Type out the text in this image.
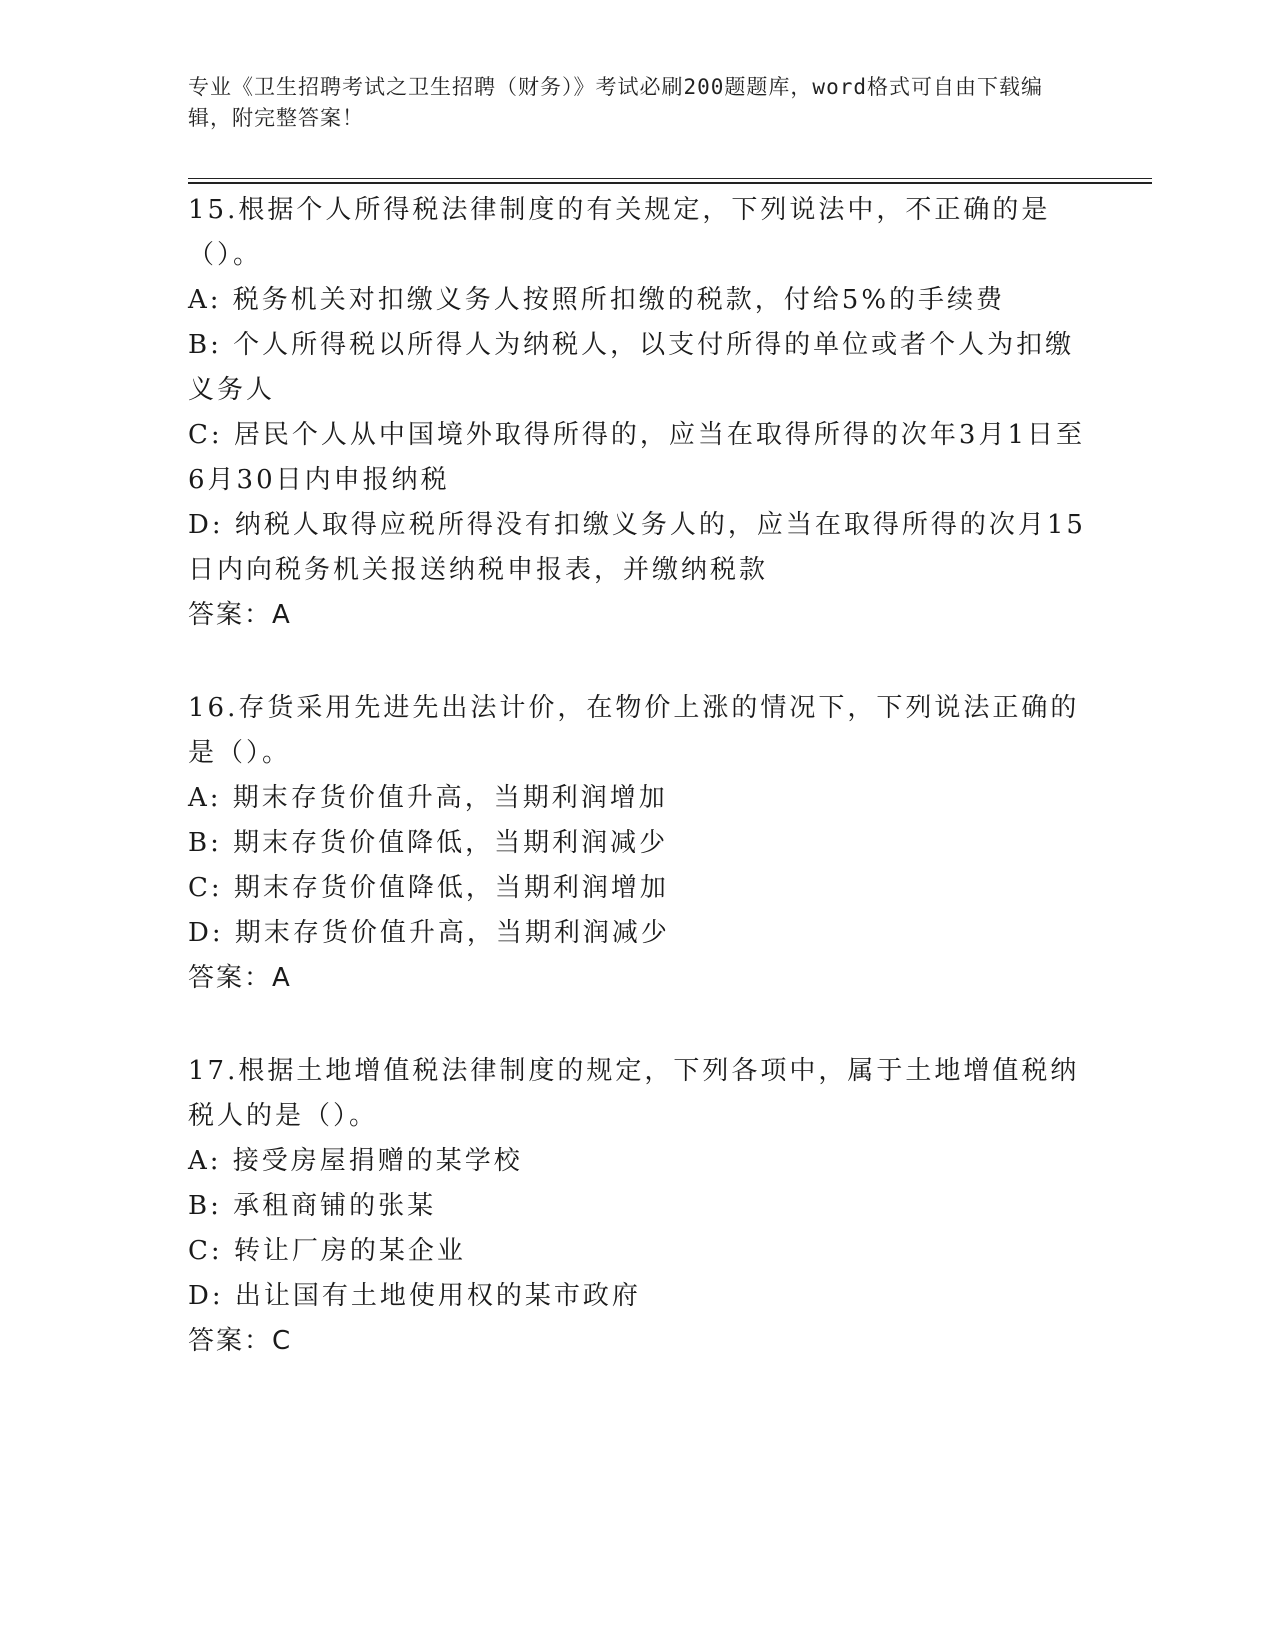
专业《卫生招聘考试之卫生招聘（财务）》考试必刷200题题库，word格式可自由下载编辑，附完整答案！

15.根据个人所得税法律制度的有关规定，下列说法中，不正确的是（）。

A: 税务机关对扣缴义务人按照所扣缴的税款，付给5%的手续费

B: 个人所得税以所得人为纳税人，以支付所得的单位或者个人为扣缴义务人

C: 居民个人从中国境外取得所得的，应当在取得所得的次年3月1日至6月30日内申报纳税

D: 纳税人取得应税所得没有扣缴义务人的，应当在取得所得的次月15日内向税务机关报送纳税申报表，并缴纳税款

答案：A

16.存货采用先进先出法计价，在物价上涨的情况下，下列说法正确的是（）。

A: 期末存货价值升高，当期利润增加

B: 期末存货价值降低，当期利润减少

C: 期末存货价值降低，当期利润增加

D: 期末存货价值升高，当期利润减少

答案：A

17.根据土地增值税法律制度的规定，下列各项中，属于土地增值税纳税人的是（）。

A: 接受房屋捐赠的某学校

B: 承租商铺的张某

C: 转让厂房的某企业

D: 出让国有土地使用权的某市政府

答案：C
